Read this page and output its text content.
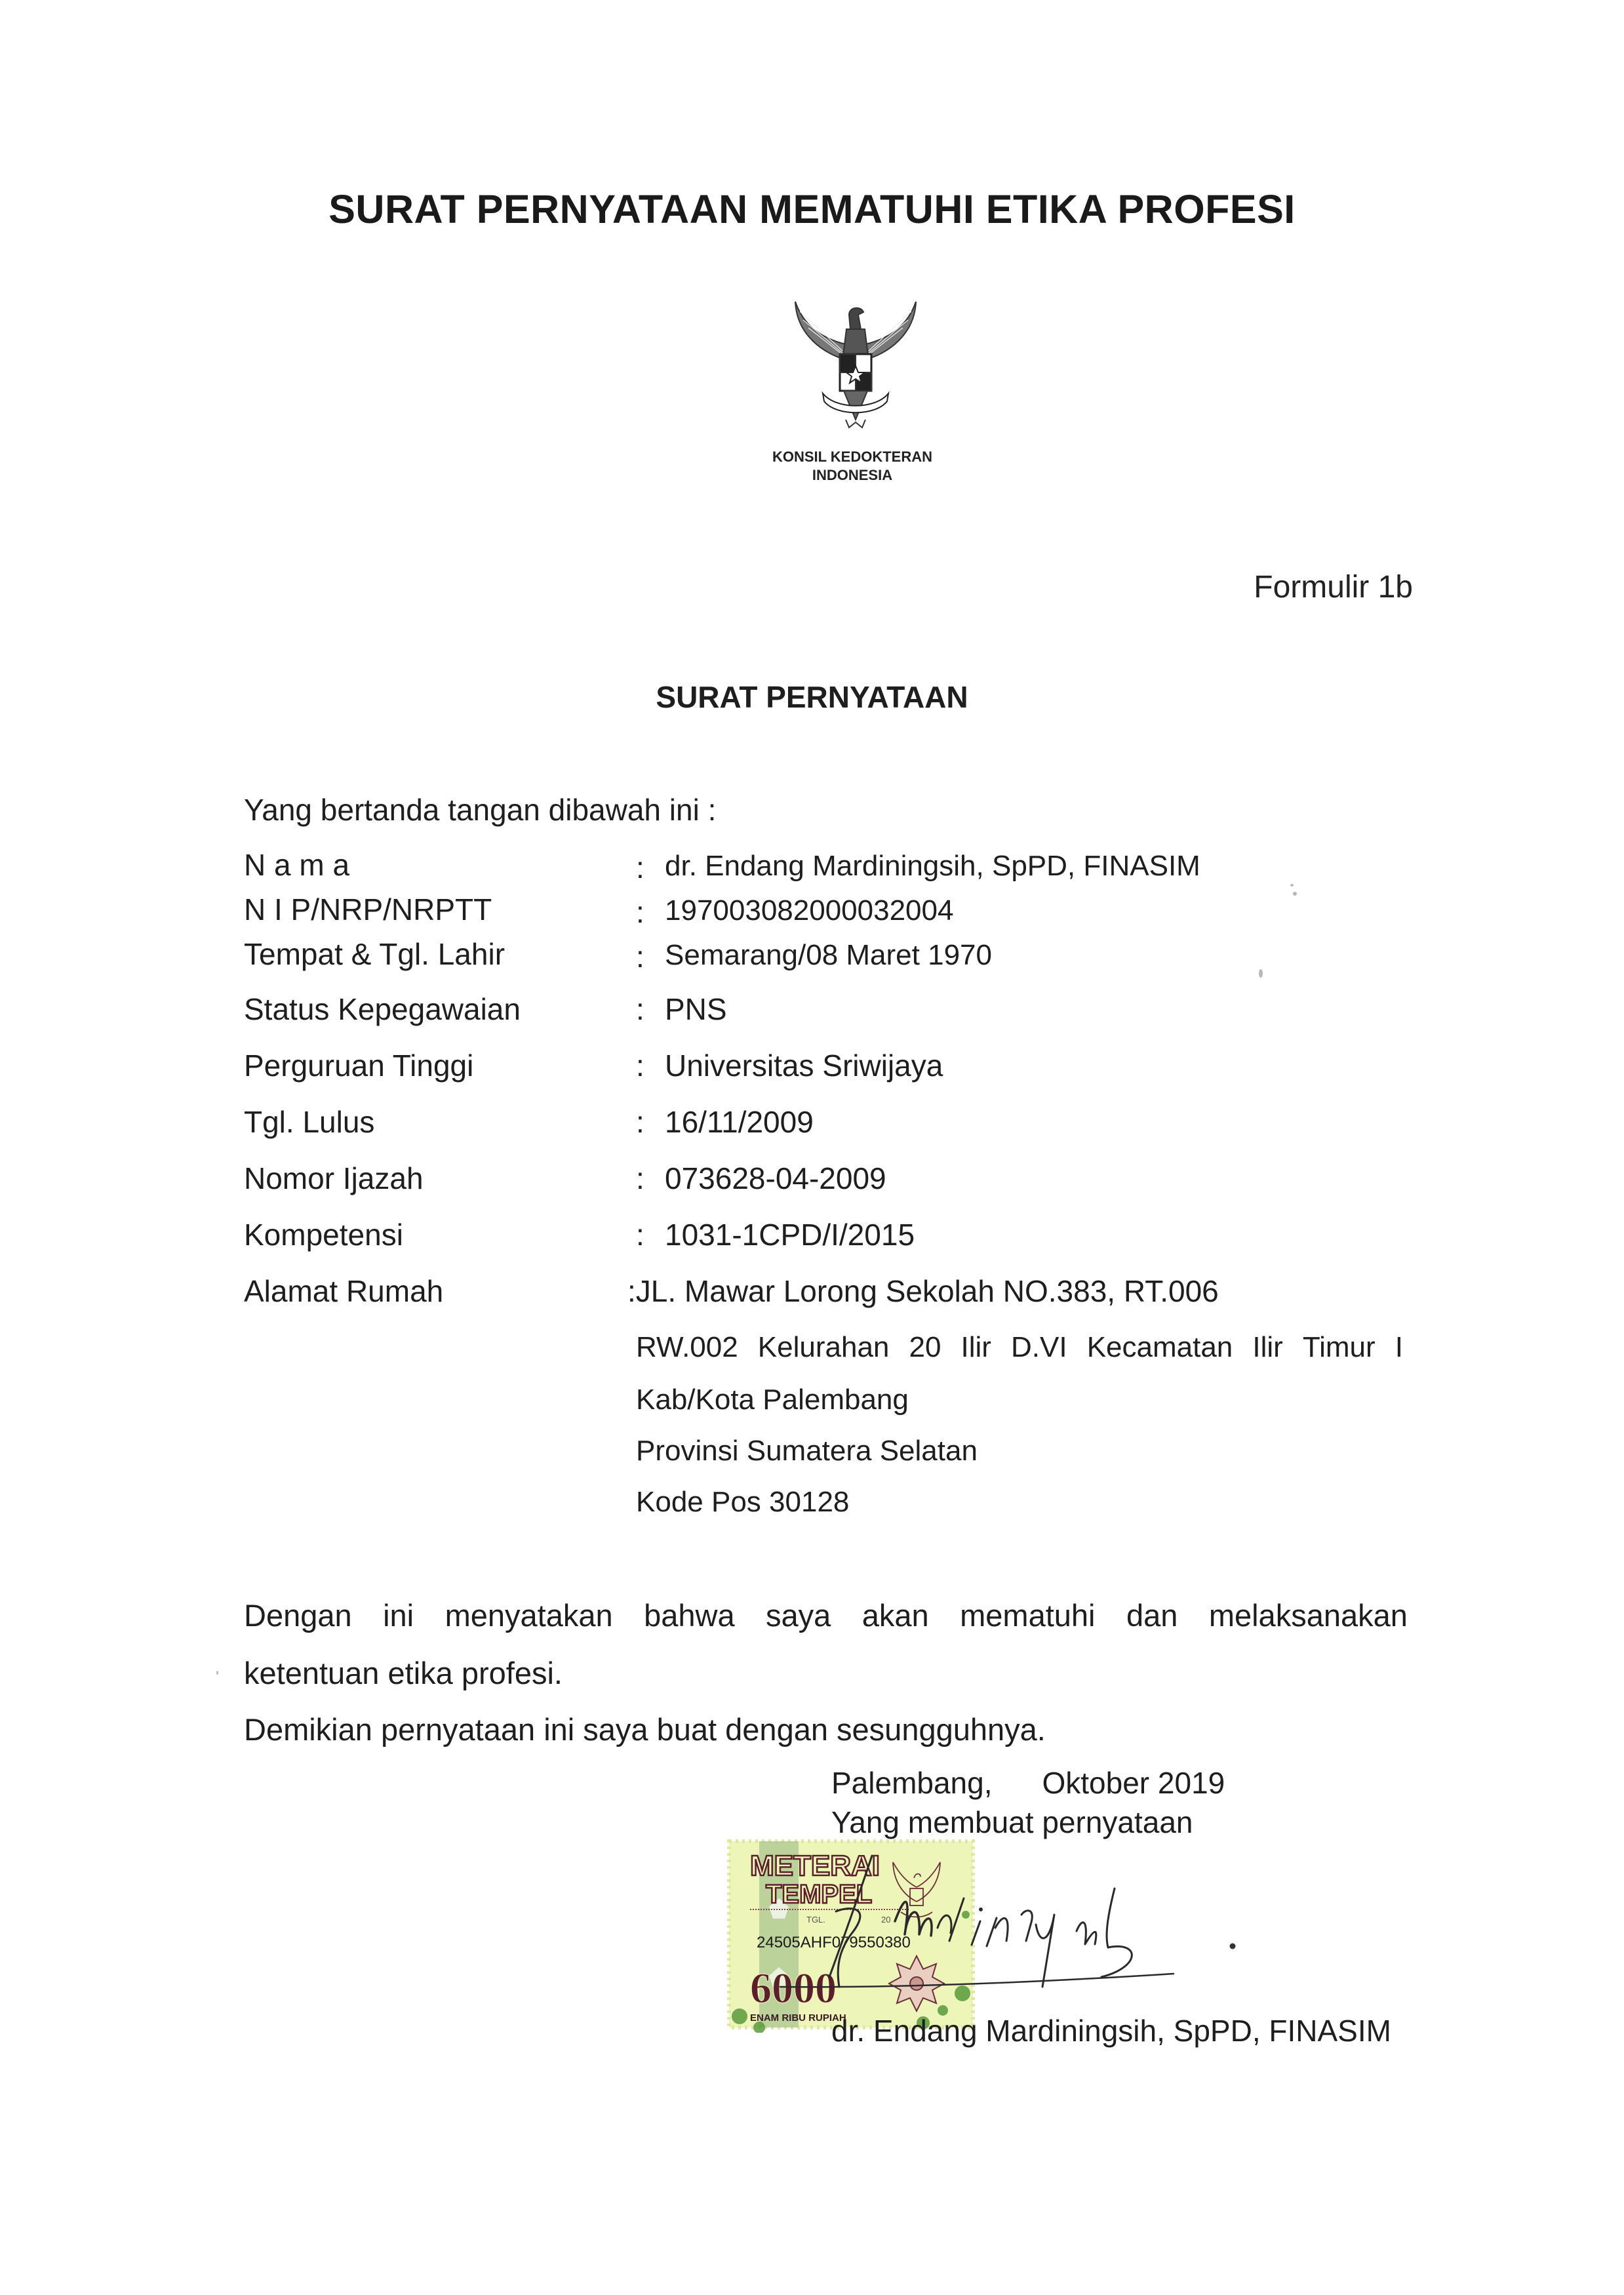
SURAT PERNYATAAN MEMATUHI ETIKA PROFESI
KONSIL KEDOKTERAN
INDONESIA
Formulir 1b
SURAT PERNYATAAN
Yang bertanda tangan dibawah ini :
N a m a	: dr. Endang Mardiningsih, SpPD, FINASIM
N I P/NRP/NRPTT	: 197003082000032004
Tempat & Tgl. Lahir	: Semarang/08 Maret 1970
Status Kepegawaian	: PNS
Perguruan Tinggi	: Universitas Sriwijaya
Tgl. Lulus	: 16/11/2009
Nomor Ijazah	: 073628-04-2009
Kompetensi	: 1031-1CPD/I/2015
Alamat Rumah	:JL. Mawar Lorong Sekolah NO.383, RT.006
RW.002 Kelurahan 20 Ilir D.VI Kecamatan Ilir Timur I
Kab/Kota Palembang
Provinsi Sumatera Selatan
Kode Pos 30128
Dengan ini menyatakan bahwa saya akan mematuhi dan melaksanakan
ketentuan etika profesi.
Demikian pernyataan ini saya buat dengan sesungguhnya.
Palembang, Oktober 2019
Yang membuat pernyataan
METERAI
TEMPEL
TGL.	20
24505AHF079550380
6000
ENAM RIBU RUPIAH
dr. Endang Mardiningsih, SpPD, FINASIM
